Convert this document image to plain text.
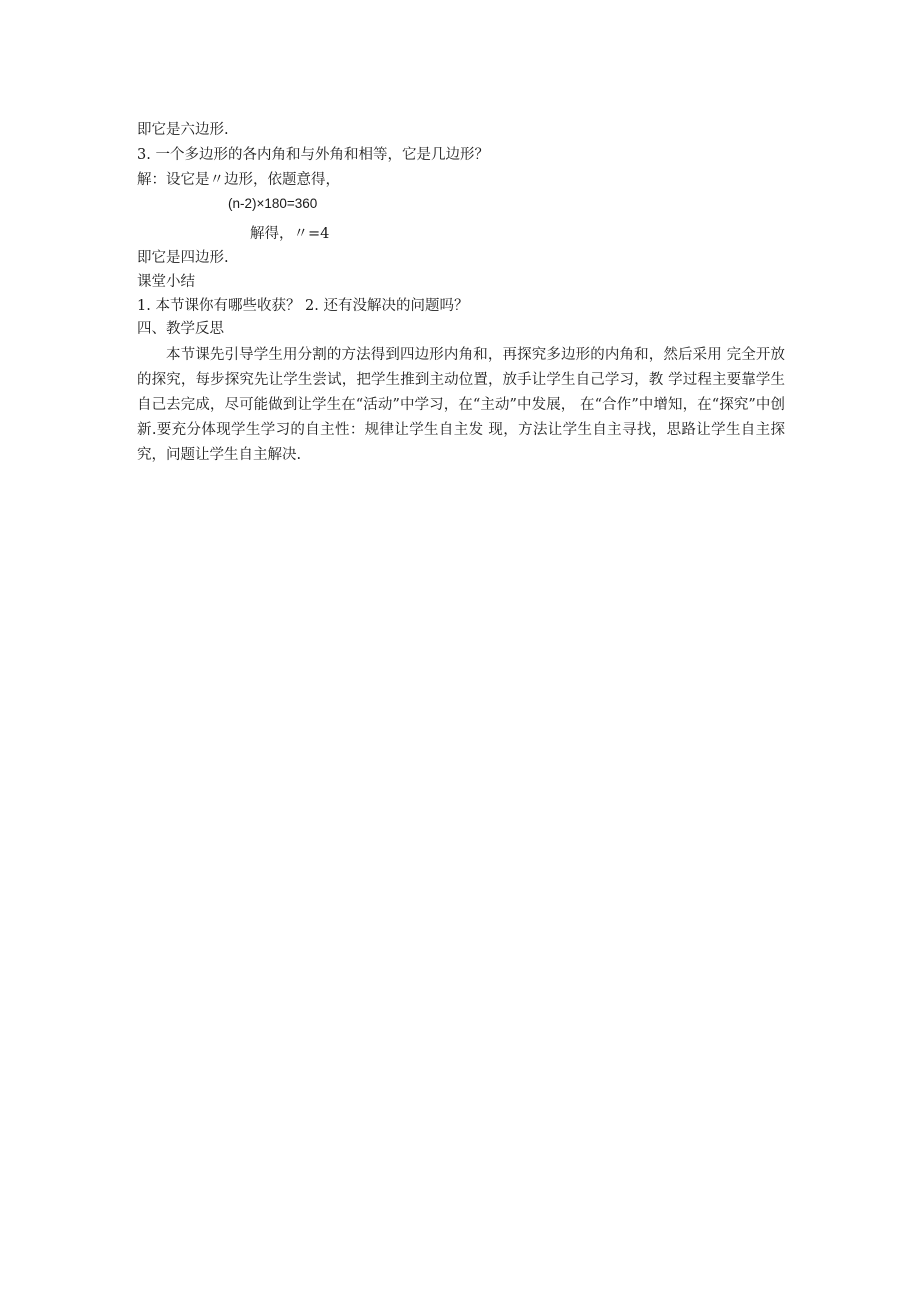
即它是六边形.
3. 一个多边形的各内角和与外角和相等，它是几边形？
解：设它是〃边形，依题意得，
(n-2)×180=360
解得，〃=4
即它是四边形.
课堂小结
1. 本节课你有哪些收获？ 2. 还有没解决的问题吗？
四、教学反思
本节课先引导学生用分割的方法得到四边形内角和，再探究多边形的内角和，然后采用 完全开放的探究，每步探究先让学生尝试，把学生推到主动位置，放手让学生自己学习，教 学过程主要靠学生自己去完成，尽可能做到让学生在“活动”中学习，在“主动”中发展， 在“合作”中增知，在“探究”中创新.要充分体现学生学习的自主性：规律让学生自主发 现，方法让学生自主寻找，思路让学生自主探究，问题让学生自主解决.
